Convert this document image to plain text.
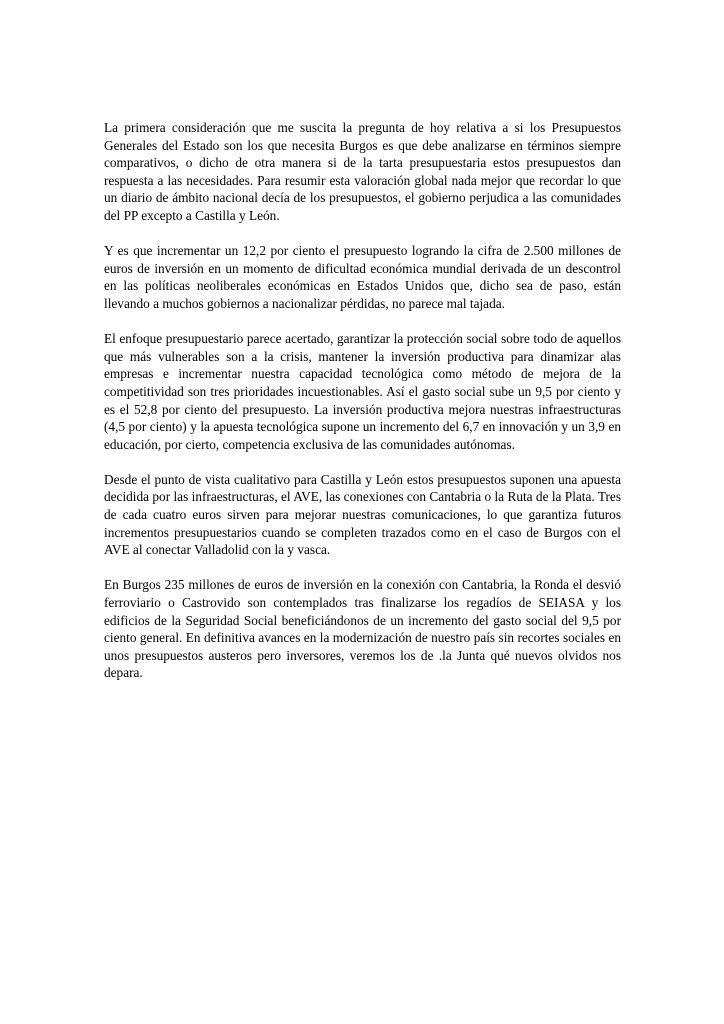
La primera consideración que me suscita la pregunta de hoy relativa a si los Presupuestos Generales del Estado son los que necesita Burgos es que debe analizarse en términos siempre comparativos, o dicho de otra manera si de la tarta presupuestaria estos presupuestos dan respuesta a las necesidades. Para resumir esta valoración global nada mejor que recordar lo que un diario de ámbito nacional decía de los presupuestos, el gobierno perjudica a las comunidades del PP excepto a Castilla y León.

Y es que incrementar un 12,2 por ciento el presupuesto logrando la cifra de 2.500 millones de euros de inversión en un momento de dificultad económica mundial derivada de un descontrol en las políticas neoliberales económicas en Estados Unidos que, dicho sea de paso, están llevando a muchos gobiernos a nacionalizar pérdidas, no parece mal tajada.

El enfoque presupuestario parece acertado, garantizar la protección social sobre todo de aquellos que más vulnerables son a la crisis, mantener la inversión productiva para dinamizar alas empresas e incrementar nuestra capacidad tecnológica como método de mejora de la competitividad son tres prioridades incuestionables. Así el gasto social sube un 9,5 por ciento y es el 52,8 por ciento del presupuesto. La inversión productiva mejora nuestras infraestructuras (4,5 por ciento) y la apuesta tecnológica supone un incremento del 6,7 en innovación y un 3,9 en educación, por cierto, competencia exclusiva de las comunidades autónomas.

Desde el punto de vista cualitativo para Castilla y León estos presupuestos suponen una apuesta decidida por las infraestructuras, el AVE, las conexiones con Cantabria o la Ruta de la Plata. Tres de cada cuatro euros sirven para mejorar nuestras comunicaciones, lo que garantiza futuros incrementos presupuestarios cuando se completen trazados como en el caso de Burgos con el AVE al conectar Valladolid con la y vasca.

En Burgos 235 millones de euros de inversión en la conexión con Cantabria, la Ronda el desvió ferroviario o Castrovido son contemplados tras finalizarse los regadíos de SEIASA y los edificios de la Seguridad Social beneficiándonos de un incremento del gasto social del 9,5 por ciento general. En definitiva avances en la modernización de nuestro país sin recortes sociales en unos presupuestos austeros pero inversores, veremos los de .la Junta qué nuevos olvidos nos depara.
